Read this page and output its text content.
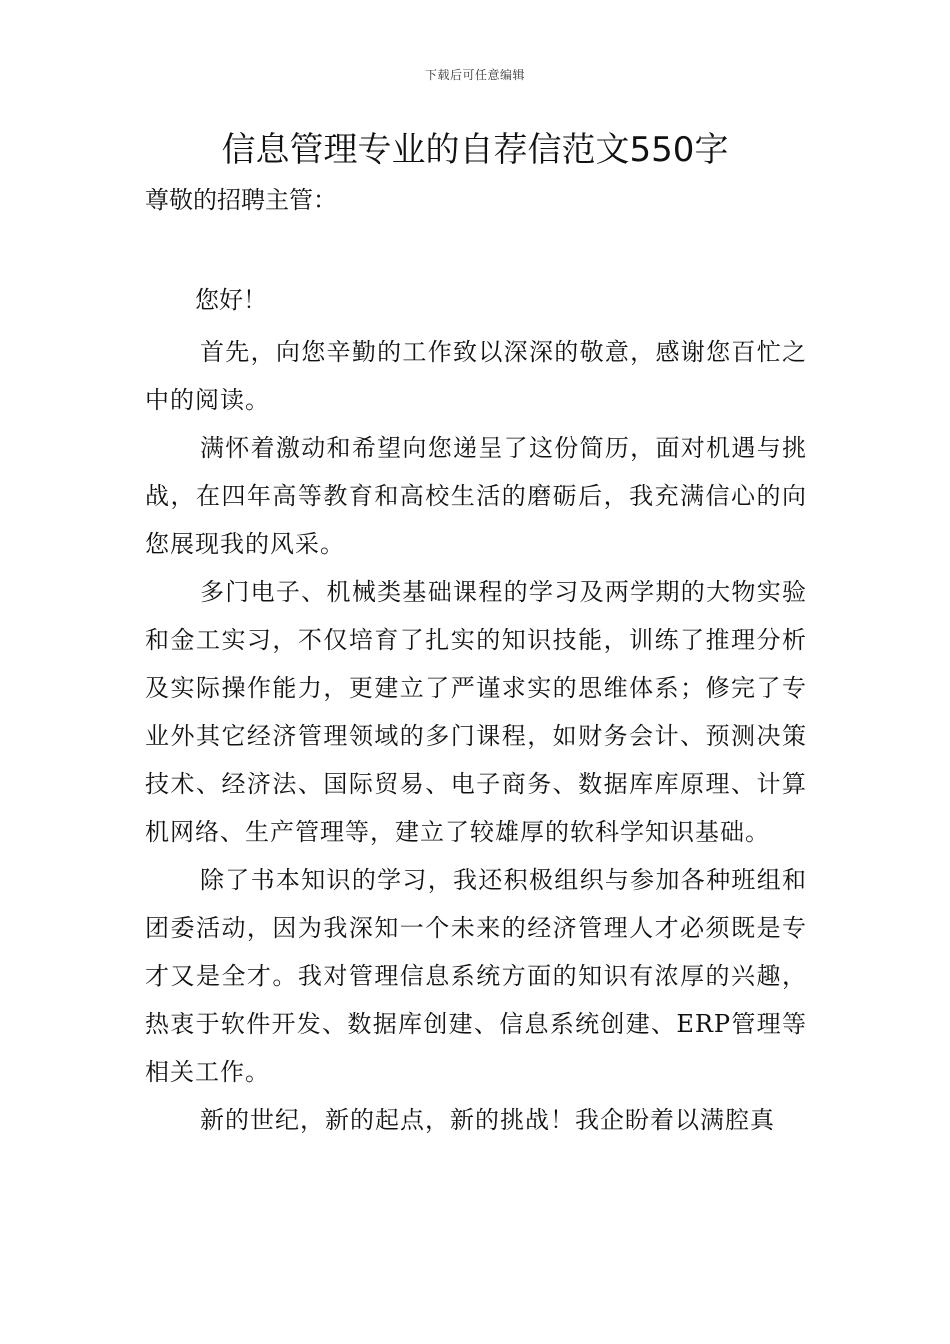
下载后可任意编辑
信息管理专业的自荐信范文550字
尊敬的招聘主管：
您好！

首先，向您辛勤的工作致以深深的敬意，感谢您百忙之中的阅读。

满怀着激动和希望向您递呈了这份简历，面对机遇与挑战，在四年高等教育和高校生活的磨砺后，我充满信心的向您展现我的风采。

多门电子、机械类基础课程的学习及两学期的大物实验和金工实习，不仅培育了扎实的知识技能，训练了推理分析及实际操作能力，更建立了严谨求实的思维体系；修完了专业外其它经济管理领域的多门课程，如财务会计、预测决策技术、经济法、国际贸易、电子商务、数据库库原理、计算机网络、生产管理等，建立了较雄厚的软科学知识基础。

除了书本知识的学习，我还积极组织与参加各种班组和团委活动，因为我深知一个未来的经济管理人才必须既是专才又是全才。我对管理信息系统方面的知识有浓厚的兴趣，热衷于软件开发、数据库创建、信息系统创建、ERP管理等相关工作。

新的世纪，新的起点，新的挑战！我企盼着以满腔真
